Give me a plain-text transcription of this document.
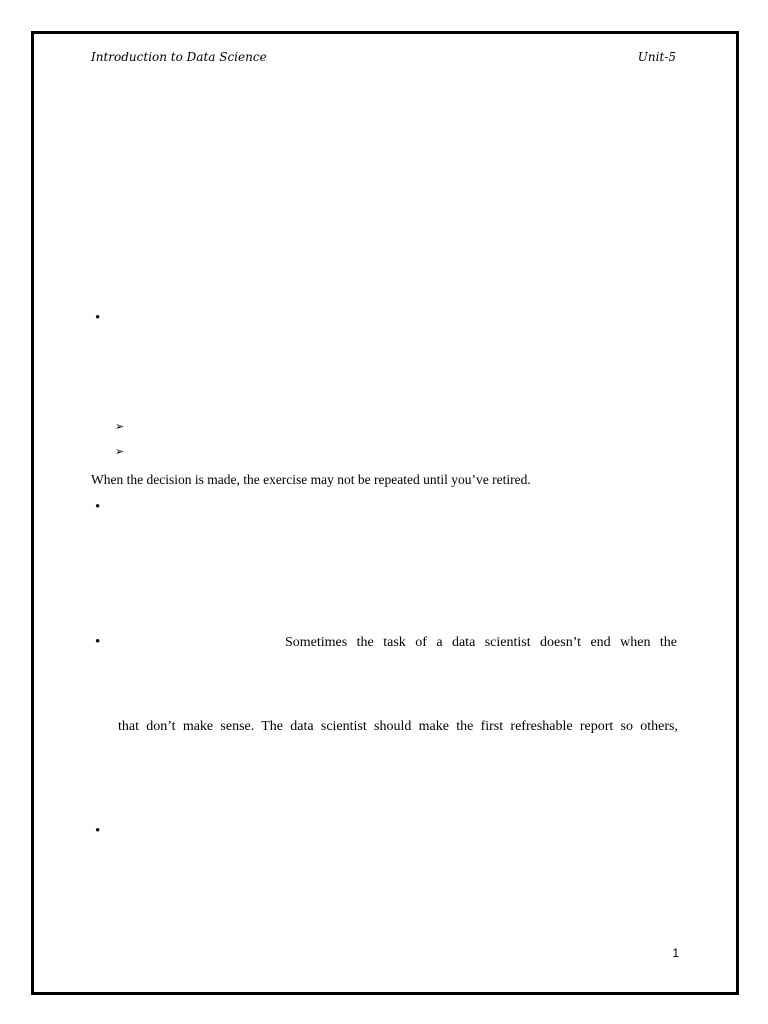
Introduction to Data Science	Unit-5
•
➢
➢
When the decision is made, the exercise may not be repeated until you’ve retired.
•
•	Sometimes the task of a data scientist doesn’t end when the
that don’t make sense. The data scientist should make the first refreshable report so others,
•
1
